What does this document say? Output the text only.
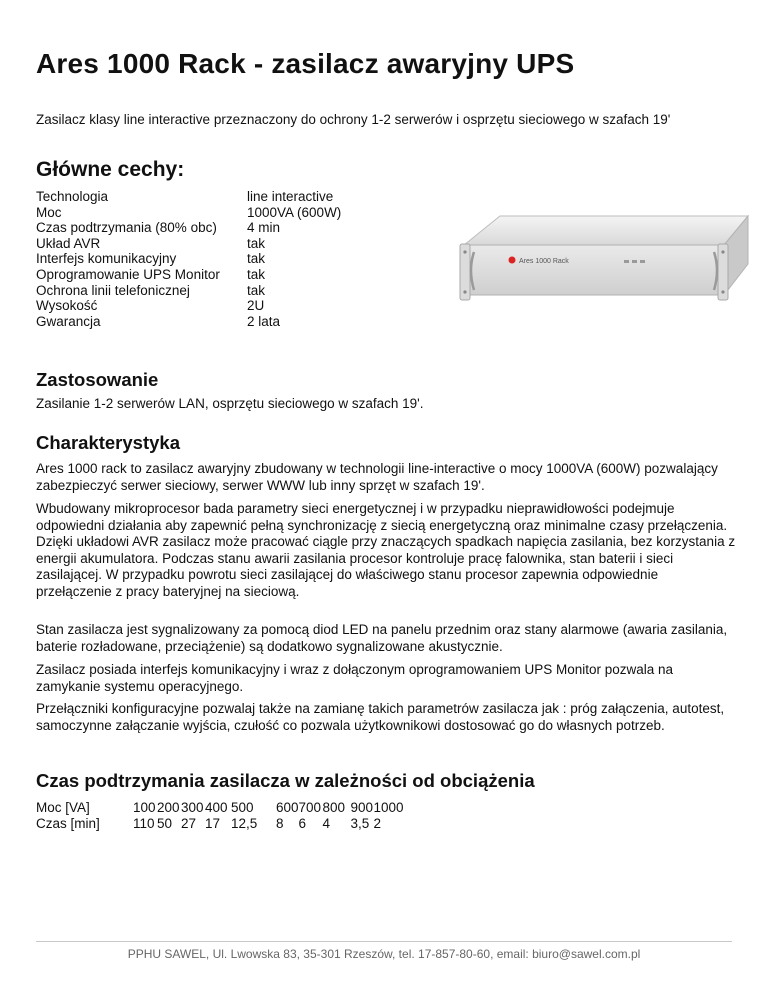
Ares 1000 Rack - zasilacz awaryjny UPS

Zasilacz klasy line interactive przeznaczony do ochrony 1-2 serwerów i osprzętu sieciowego w szafach 19'

Główne cechy:
Technologia	line interactive
Moc	1000VA (600W)
Czas podtrzymania (80% obc)	4 min
Układ AVR	tak
Interfejs komunikacyjny	tak
Oprogramowanie UPS Monitor	tak
Ochrona linii telefonicznej	tak
Wysokość	2U
Gwarancja	2 lata
Ares 1000 Rack
Zastosowanie

Zasilanie 1-2 serwerów LAN, osprzętu sieciowego w szafach 19'.

Charakterystyka

Ares 1000 rack to zasilacz awaryjny zbudowany w technologii line-interactive o mocy 1000VA (600W) pozwalający zabezpieczyć serwer sieciowy, serwer WWW lub inny sprzęt w szafach 19'.

Wbudowany mikroprocesor bada parametry sieci energetycznej i w przypadku nieprawidłowości podejmuje odpowiedni działania aby zapewnić pełną synchronizację z siecią energetyczną oraz minimalne czasy przełączenia. Dzięki układowi AVR zasilacz może pracować ciągle przy znaczących spadkach napięcia zasilania, bez korzystania z energii akumulatora. Podczas stanu awarii zasilania procesor kontroluje pracę falownika, stan baterii i sieci zasilającej. W przypadku powrotu sieci zasilającej do właściwego stanu procesor zapewnia odpowiednie przełączenie z pracy bateryjnej na sieciową.

Stan zasilacza jest sygnalizowany za pomocą diod LED na panelu przednim oraz stany alarmowe (awaria zasilania, baterie rozładowane, przeciążenie) są dodatkowo sygnalizowane akustycznie.

Zasilacz posiada interfejs komunikacyjny i wraz z dołączonym oprogramowaniem UPS Monitor pozwala na zamykanie systemu operacyjnego.

Przełączniki konfiguracyjne pozwalaj także na zamianę takich parametrów zasilacza jak : próg załączenia, autotest, samoczynne załączanie wyjścia, czułość co pozwala użytkownikowi dostosować go do własnych potrzeb.

Czas podtrzymania zasilacza w zależności od obciążenia
Moc [VA]	100	200	300	400	500	600	700	800	900	1000
Czas [min]	110	50	27	17	12,5	8	6	4	3,5	2
PPHU SAWEL, Ul. Lwowska 83, 35-301 Rzeszów, tel. 17-857-80-60, email: biuro@sawel.com.pl
